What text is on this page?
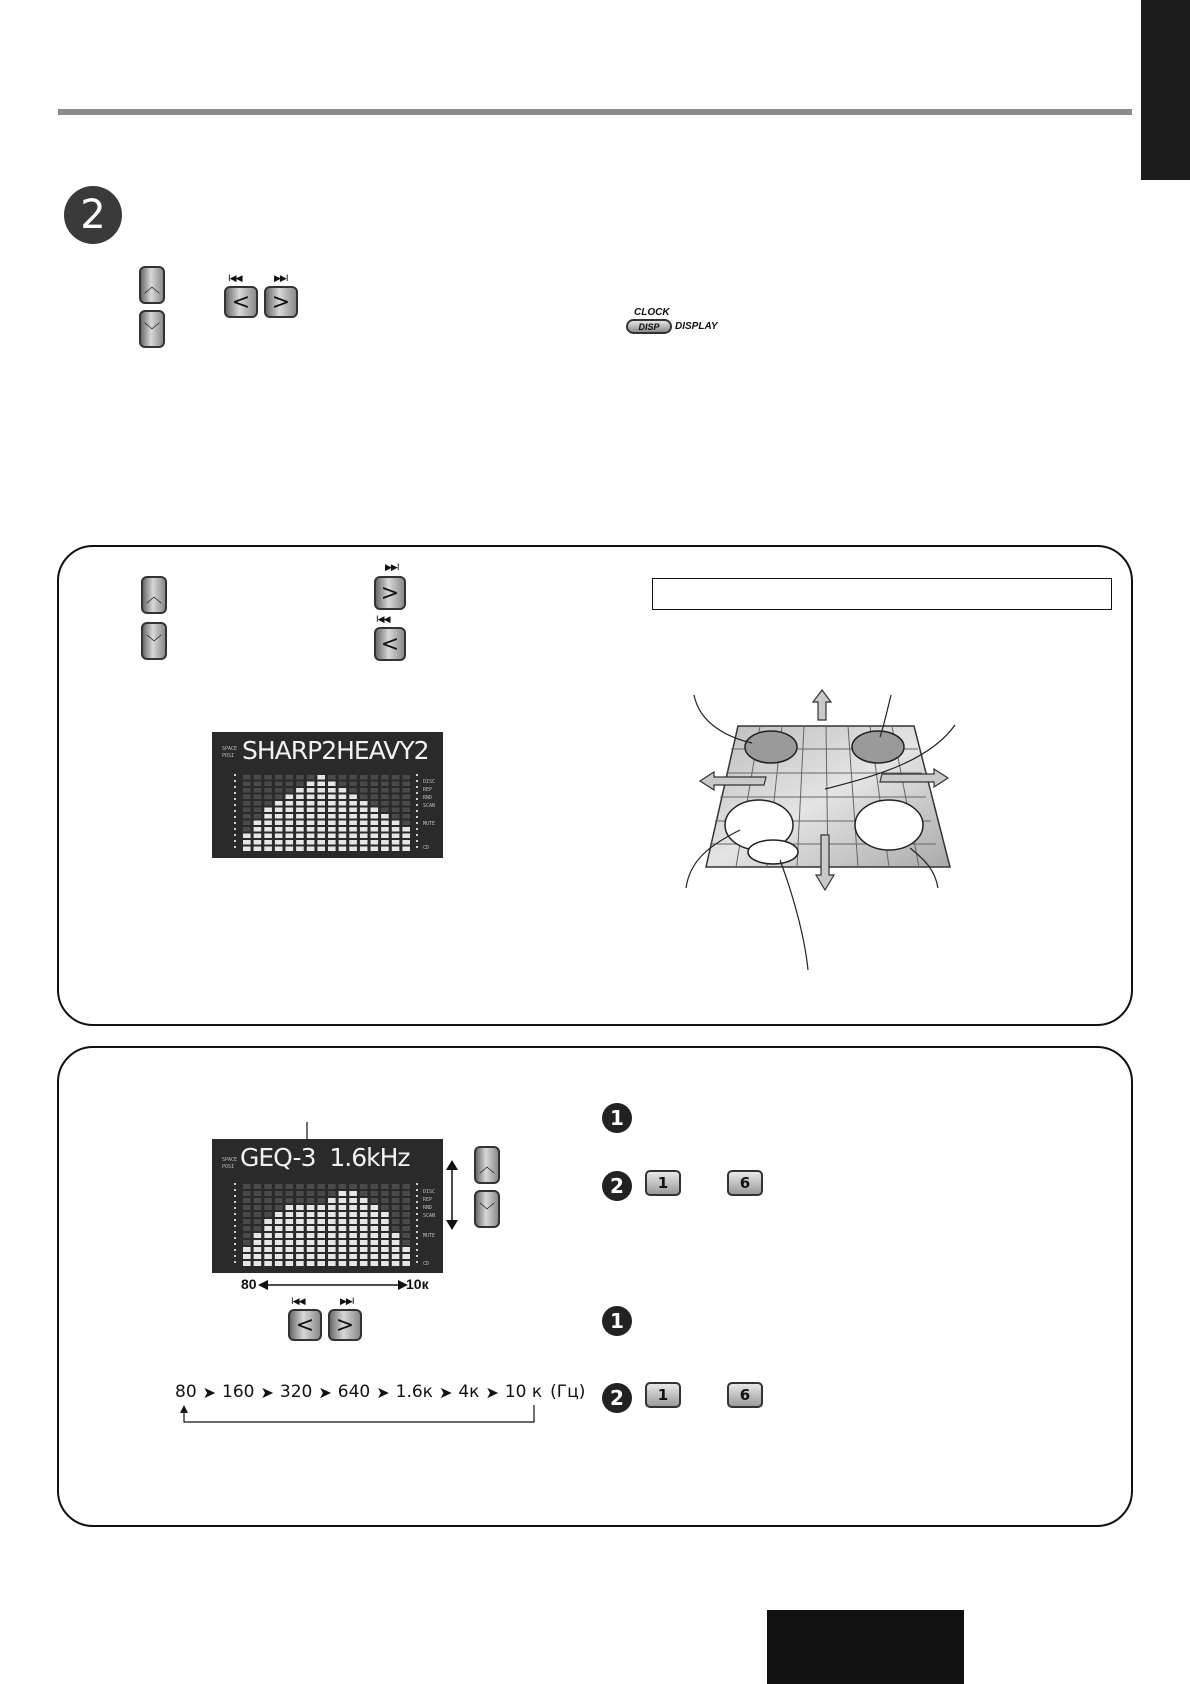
2
︿
﹀
I◀◀	▶▶I
< >	CLOCK
DISP DISPLAY
︿
﹀
▶▶I
>
I◀◀
<
SPACE
POSI SHARP2HEAVY2
DISC
REP
RND
SCAN
MUTE
CD
SPACE
POSI GEQ-3  1.6kHz
DISC
REP
RND
SCAN
MUTE
CD
︿
﹀
80	10к
I◀◀	▶▶I
< >
80 ➤ 160 ➤ 320 ➤ 640 ➤ 1.6к ➤ 4к ➤ 10 к (Гц)
1
2 1	6
1
2 1	6
